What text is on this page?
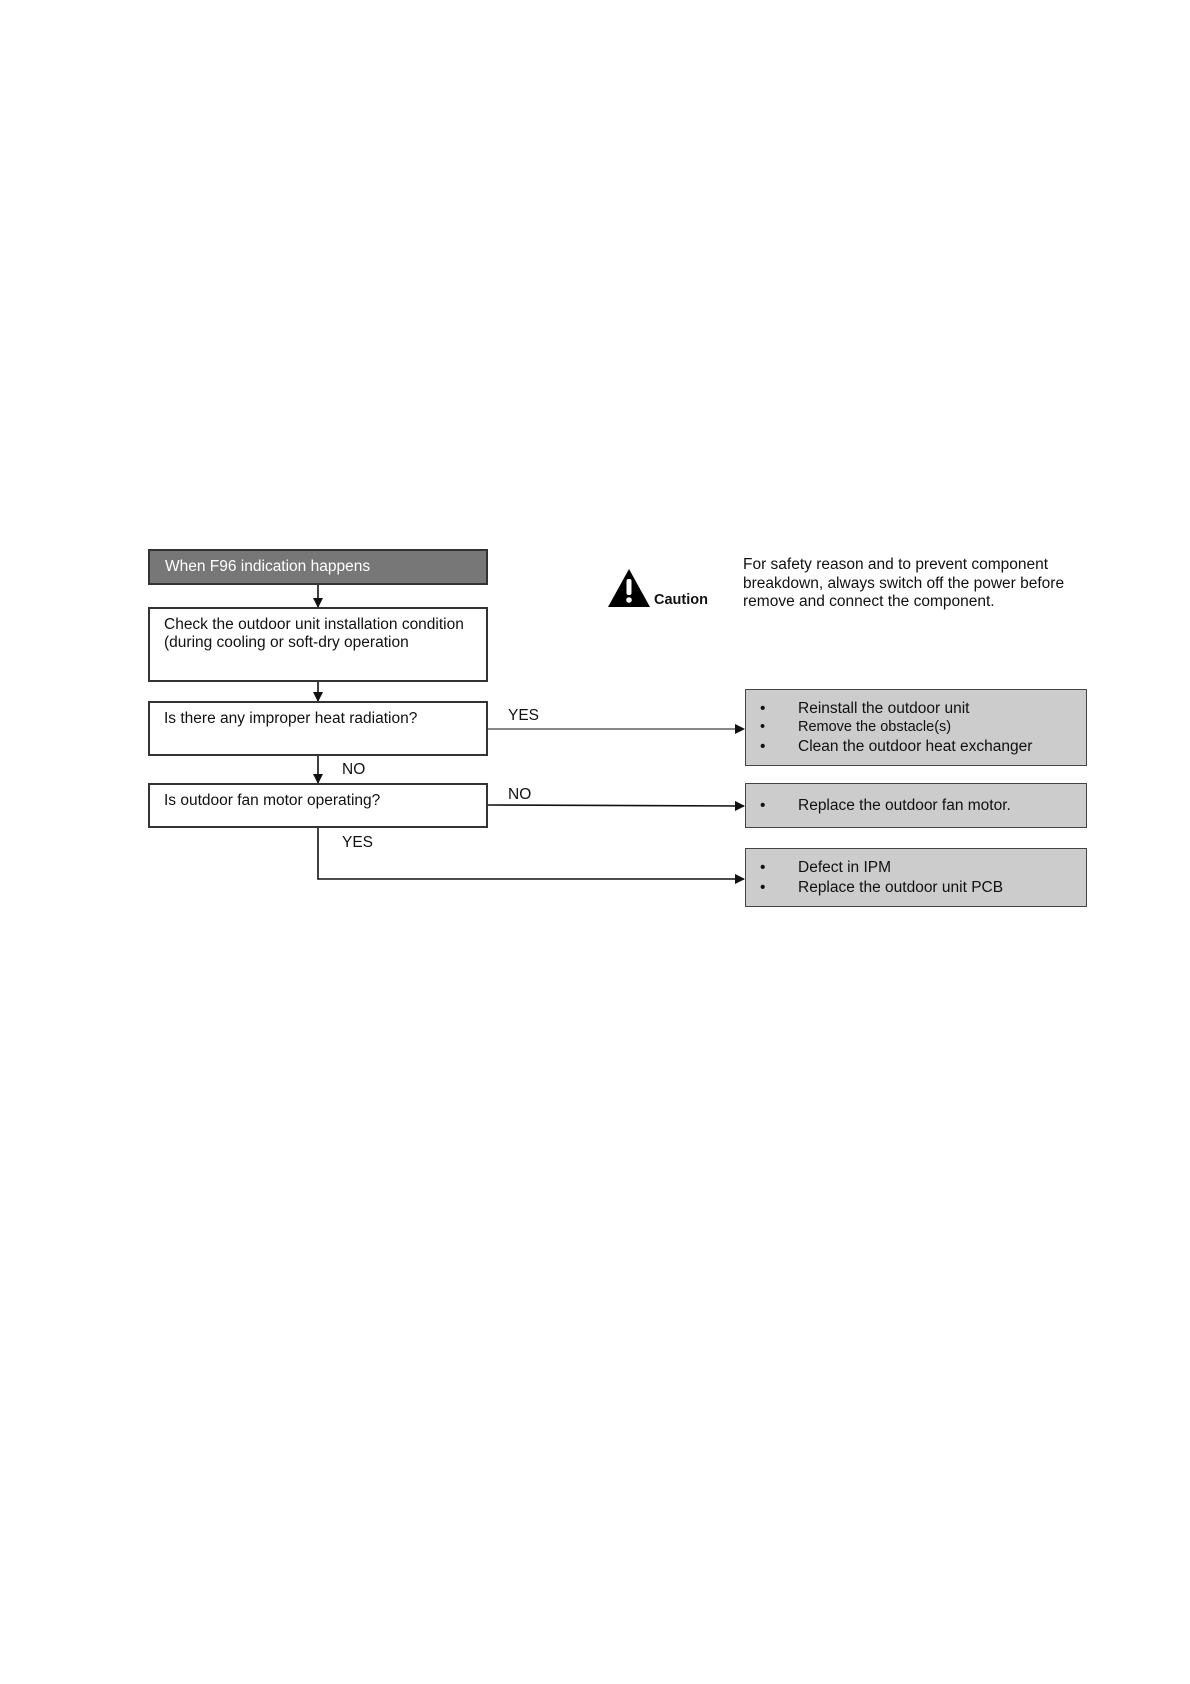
Caution
For safety reason and to prevent component breakdown, always switch off the power before remove and connect the component.
When F96 indication happens
Check the outdoor unit installation condition (during cooling or soft-dry operation
Is there any improper heat radiation?
Is outdoor fan motor operating?
YES
NO
NO
YES
• Reinstall the outdoor unit
• Remove the obstacle(s)
• Clean the outdoor heat exchanger
• Replace the outdoor fan motor.
• Defect in IPM
• Replace the outdoor unit PCB
